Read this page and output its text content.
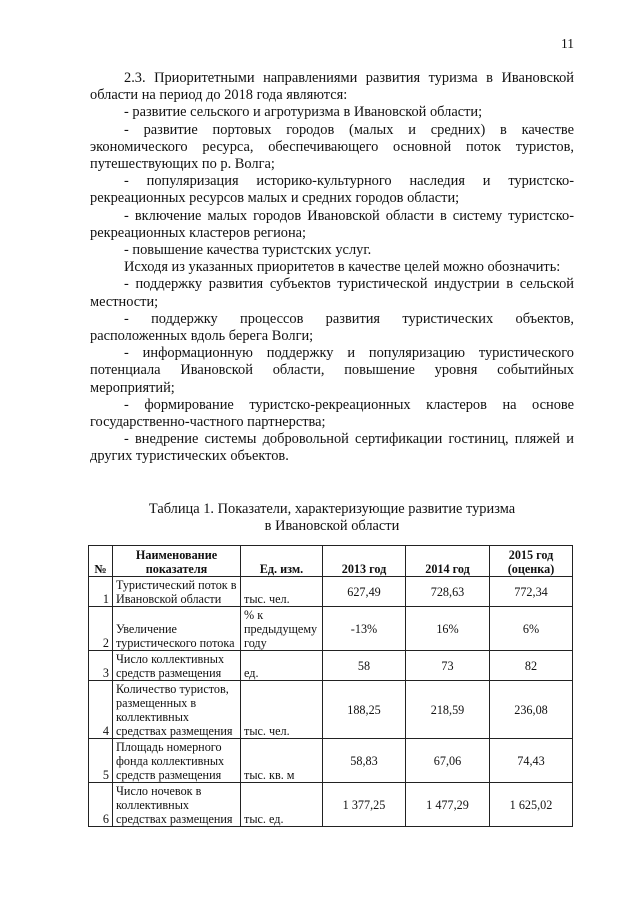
11

2.3. Приоритетными направлениями развития туризма в Ивановской области на период до 2018 года являются:

- развитие сельского и агротуризма в Ивановской области;

- развитие портовых городов (малых и средних) в качестве экономического ресурса, обеспечивающего основной поток туристов, путешествующих по р. Волга;

- популяризация историко-культурного наследия и туристско-рекреационных ресурсов малых и средних городов области;

- включение малых городов Ивановской области в систему туристско-рекреационных кластеров региона;

- повышение качества туристских услуг.

Исходя из указанных приоритетов в качестве целей можно обозначить:

- поддержку развития субъектов туристической индустрии в сельской местности;

- поддержку процессов развития туристических объектов, расположенных вдоль берега Волги;

- информационную поддержку и популяризацию туристического потенциала Ивановской области, повышение уровня событийных мероприятий;

- формирование туристско-рекреационных кластеров на основе государственно-частного партнерства;

- внедрение системы добровольной сертификации гостиниц, пляжей и других туристических объектов.

Таблица 1. Показатели, характеризующие развитие туризма
в Ивановской области
№	Наименование показателя	Ед. изм.	2013 год	2014 год	2015 год (оценка)
1	Туристический поток в Ивановской области	тыс. чел.	627,49	728,63	772,34
2	Увеличение туристического потока	% к предыдущему году	-13%	16%	6%
3	Число коллективных средств размещения	ед.	58	73	82
4	Количество туристов, размещенных в коллективных средствах размещения	тыс. чел.	188,25	218,59	236,08
5	Площадь номерного фонда коллективных средств размещения	тыс. кв. м	58,83	67,06	74,43
6	Число ночевок в коллективных средствах размещения	тыс. ед.	1 377,25	1 477,29	1 625,02
